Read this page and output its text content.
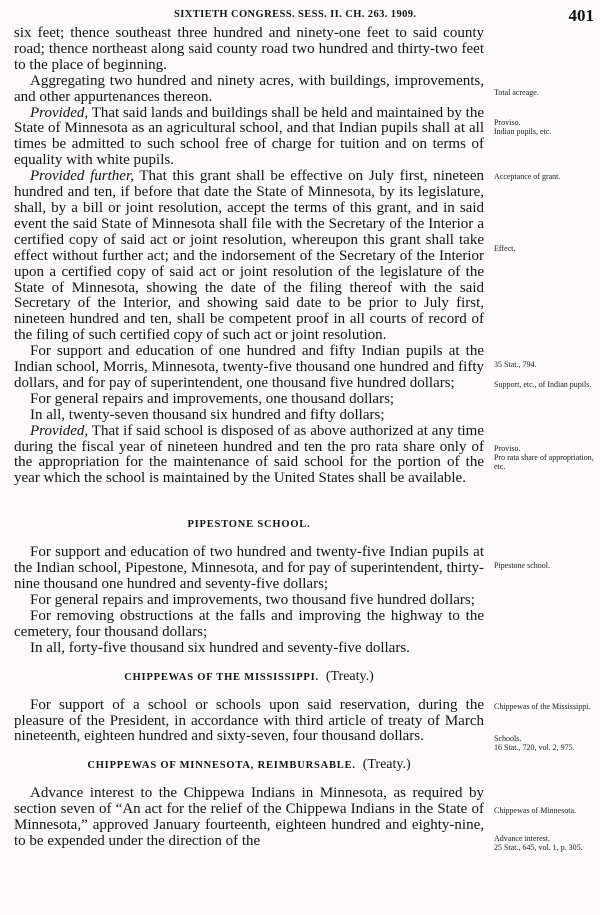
SIXTIETH CONGRESS. SESS. II. CH. 263. 1909.	401

six feet; thence southeast three hundred and ninety-one feet to said county road; thence northeast along said county road two hundred and thirty-two feet to the place of beginning.

Aggregating two hundred and ninety acres, with buildings, improvements, and other appurtenances thereon.

Provided, That said lands and buildings shall be held and maintained by the State of Minnesota as an agricultural school, and that Indian pupils shall at all times be admitted to such school free of charge for tuition and on terms of equality with white pupils.

Provided further, That this grant shall be effective on July first, nineteen hundred and ten, if before that date the State of Minnesota, by its legislature, shall, by a bill or joint resolution, accept the terms of this grant, and in said event the said State of Minnesota shall file with the Secretary of the Interior a certified copy of said act or joint resolution, whereupon this grant shall take effect without further act; and the indorsement of the Secretary of the Interior upon a certified copy of said act or joint resolution of the legislature of the State of Minnesota, showing the date of the filing thereof with the said Secretary of the Interior, and showing said date to be prior to July first, nineteen hundred and ten, shall be competent proof in all courts of record of the filing of such certified copy of such act or joint resolution.

For support and education of one hundred and fifty Indian pupils at the Indian school, Morris, Minnesota, twenty-five thousand one hundred and fifty dollars, and for pay of superintendent, one thousand five hundred dollars;

For general repairs and improvements, one thousand dollars;

In all, twenty-seven thousand six hundred and fifty dollars;

Provided, That if said school is disposed of as above authorized at any time during the fiscal year of nineteen hundred and ten the pro rata share only of the appropriation for the maintenance of said school for the portion of the year which the school is maintained by the United States shall be available.

PIPESTONE SCHOOL.

For support and education of two hundred and twenty-five Indian pupils at the Indian school, Pipestone, Minnesota, and for pay of superintendent, thirty-nine thousand one hundred and seventy-five dollars;

For general repairs and improvements, two thousand five hundred dollars;

For removing obstructions at the falls and improving the highway to the cemetery, four thousand dollars;

In all, forty-five thousand six hundred and seventy-five dollars.

CHIPPEWAS OF THE MISSISSIPPI. (Treaty.)

For support of a school or schools upon said reservation, during the pleasure of the President, in accordance with third article of treaty of March nineteenth, eighteen hundred and sixty-seven, four thousand dollars.

CHIPPEWAS OF MINNESOTA, REIMBURSABLE. (Treaty.)

Advance interest to the Chippewa Indians in Minnesota, as required by section seven of “An act for the relief of the Chippewa Indians in the State of Minnesota,” approved January fourteenth, eighteen hundred and eighty-nine, to be expended under the direction of the

Total acreage.
Proviso.
Indian pupils, etc.
Acceptance of grant.
Effect.
35 Stat., 794.
Support, etc., of Indian pupils.
Proviso.
Pro rata share of appropriation, etc.
Pipestone school.
Chippewas of the Mississippi.
Schools.
16 Stat., 720, vol. 2, 975.
Chippewas of Minnesota.
Advance interest.
25 Stat., 645, vol. 1, p. 305.
